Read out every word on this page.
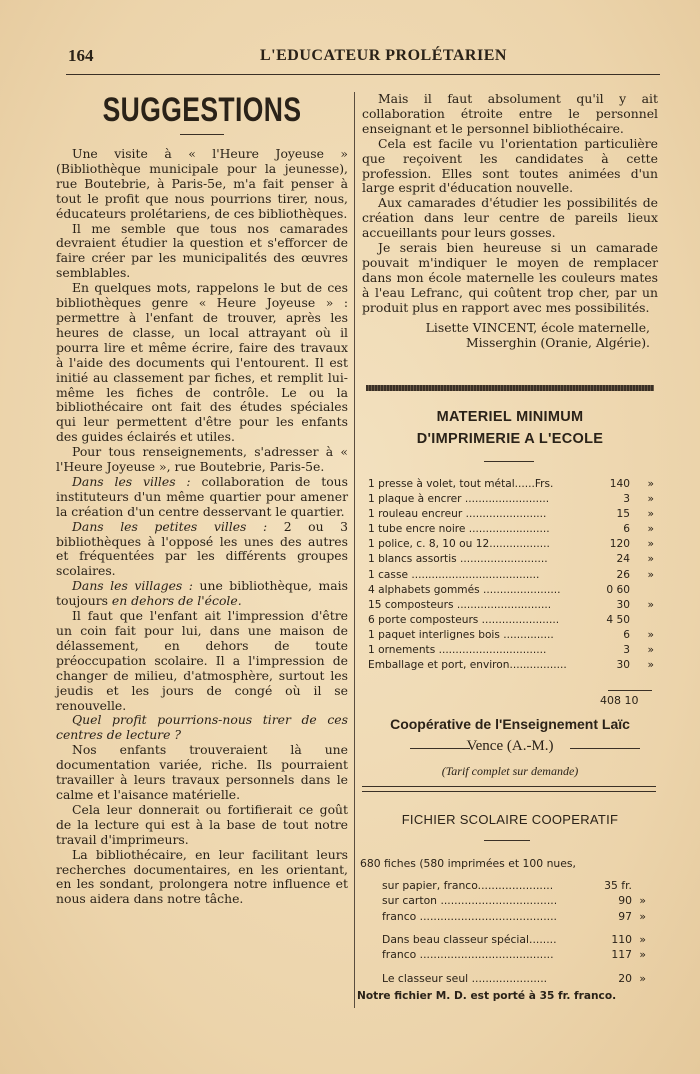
164	L'EDUCATEUR PROLÉTARIEN
SUGGESTIONS

Une visite à « l'Heure Joyeuse » (Bibliothèque municipale pour la jeunesse), rue Boutebrie, à Paris-5e, m'a fait penser à tout le profit que nous pourrions tirer, nous, éducateurs prolétariens, de ces bibliothèques.

Il me semble que tous nos camarades devraient étudier la question et s'efforcer de faire créer par les municipalités des œuvres semblables.

En quelques mots, rappelons le but de ces bibliothèques genre « Heure Joyeuse » : permettre à l'enfant de trouver, après les heures de classe, un local attrayant où il pourra lire et même écrire, faire des travaux à l'aide des documents qui l'entourent. Il est initié au classement par fiches, et remplit lui-même les fiches de contrôle. Le ou la bibliothécaire ont fait des études spéciales qui leur permettent d'être pour les enfants des guides éclairés et utiles.

Pour tous renseignements, s'adresser à « l'Heure Joyeuse », rue Boutebrie, Paris-5e.

Dans les villes : collaboration de tous instituteurs d'un même quartier pour amener la création d'un centre desservant le quartier.

Dans les petites villes : 2 ou 3 bibliothèques à l'opposé les unes des autres et fréquentées par les différents groupes scolaires.

Dans les villages : une bibliothèque, mais toujours en dehors de l'école.

Il faut que l'enfant ait l'impression d'être un coin fait pour lui, dans une maison de délassement, en dehors de toute préoccupation scolaire. Il a l'impression de changer de milieu, d'atmosphère, surtout les jeudis et les jours de congé où il se renouvelle.

Quel profit pourrions-nous tirer de ces centres de lecture ?

Nos enfants trouveraient là une documentation variée, riche. Ils pourraient travailler à leurs travaux personnels dans le calme et l'aisance matérielle.

Cela leur donnerait ou fortifierait ce goût de la lecture qui est à la base de tout notre travail d'imprimeurs.

La bibliothécaire, en leur facilitant leurs recherches documentaires, en les orientant, en les sondant, prolongera notre influence et nous aidera dans notre tâche.

Mais il faut absolument qu'il y ait collaboration étroite entre le personnel enseignant et le personnel bibliothécaire.

Cela est facile vu l'orientation particulière que reçoivent les candidates à cette profession. Elles sont toutes animées d'un large esprit d'éducation nouvelle.

Aux camarades d'étudier les possibilités de création dans leur centre de pareils lieux accueillants pour leurs gosses.

Je serais bien heureuse si un camarade pouvait m'indiquer le moyen de remplacer dans mon école maternelle les couleurs mates à l'eau Lefranc, qui coûtent trop cher, par un produit plus en rapport avec mes possibilités.

Lisette VINCENT, école maternelle,
Misserghin (Oranie, Algérie).
MATERIEL MINIMUM
D'IMPRIMERIE A L'ECOLE
1 presse à volet, tout métal......Frs.	140 »
1 plaque à encrer .........................	3 »
1 rouleau encreur ........................	15 »
1 tube encre noire ........................	6 »
1 police, c. 8, 10 ou 12..................	120 »
1 blancs assortis ..........................	24 »
1 casse ......................................	26 »
4 alphabets gommés .......................	0 60
15 composteurs ............................	30 »
6 porte composteurs .......................	4 50
1 paquet interlignes bois ...............	6 »
1 ornements ................................	3 »
Emballage et port, environ.................	30 »
408 10
Coopérative de l'Enseignement Laïc
Vence (A.-M.)
(Tarif complet sur demande)
FICHIER SCOLAIRE COOPERATIF
680 fiches (580 imprimées et 100 nues,
sur papier, franco......................	35 fr.
sur carton ..................................	90 »
franco ........................................	97 »
Dans beau classeur spécial........	110 »
franco .......................................	117 »
Le classeur seul ......................	20 »
Notre fichier M. D. est porté à 35 fr. franco.
